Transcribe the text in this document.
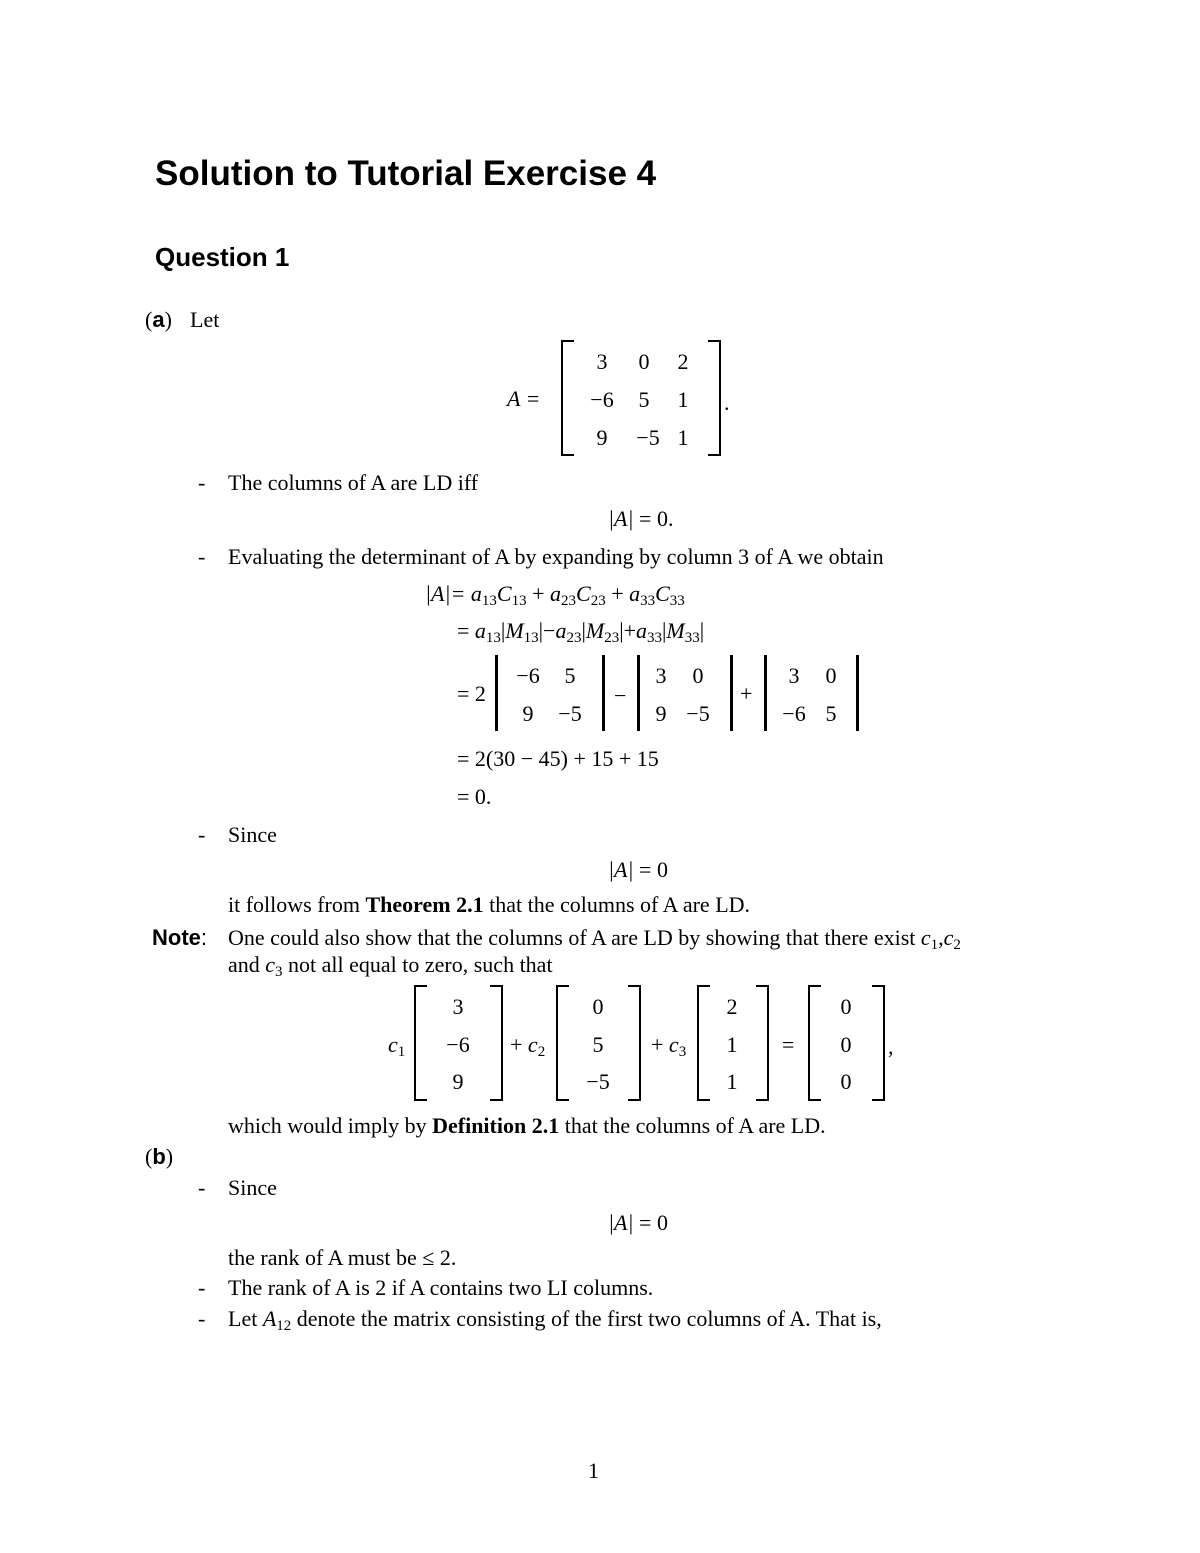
Solution to Tutorial Exercise 4
Question 1
(a) Let
A =
3	0	2
−6	5	1
9	−5 1
.
- The columns of A are LD iff
|A| = 0.
- Evaluating the determinant of A by expanding by column 3 of A we obtain
$|A|= a_{13}C_{13} + a_{23}C_{23} + a_{33}C_{33}$
= $a_{13}|M_{13}|-a_{23}|M_{23}|+a_{33}|M_{33}|$
= 2
−6	5
9	−5
−
3	0
9 −5
+
3	0
−6 5
= 2(30 − 45) + 15 + 15
= 0.
- Since
|A| = 0
it follows from Theorem 2.1 that the columns of A are LD.
Note: One could also show that the columns of A are LD by showing that there exist $c_1,c_2$
and $c_3$ not all equal to zero, such that
$c_1$
3
−6
9
+ $c_2$
0
5
−5
+ $c_3$
2
1
1
=
0
0
0
,
which would imply by Definition 2.1 that the columns of A are LD.
(b)
- Since
|A| = 0
the rank of A must be ≤ 2.
- The rank of A is 2 if A contains two LI columns.
- Let $A_{12}$ denote the matrix consisting of the first two columns of A. That is,
1
